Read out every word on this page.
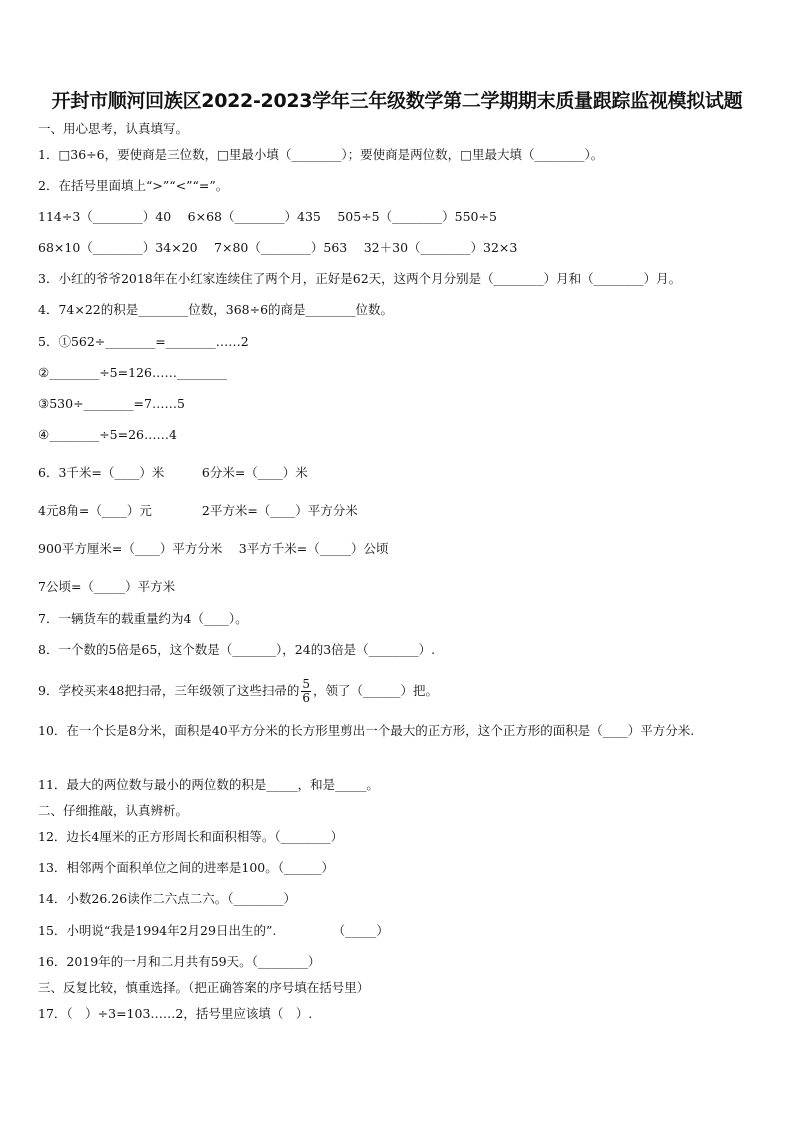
开封市顺河回族区2022-2023学年三年级数学第二学期期末质量跟踪监视模拟试题
一、用心思考，认真填写。
1．□36÷6，要使商是三位数，□里最小填（________）；要使商是两位数，□里最大填（________）。
2．在括号里面填上“>”“<”“=”。
114÷3（________）40　 6×68（________）435　 505÷5（________）550÷5
68×10（________）34×20　 7×80（________）563　 32＋30（________）32×3
3．小红的爷爷2018年在小红家连续住了两个月，正好是62天，这两个月分别是（________）月和（________）月。
4．74×22的积是________位数，368÷6的商是________位数。
5．①562÷________=________……2
②________÷5=126……________
③530÷________=7……5
④________÷5=26……4
6．3千米=（____）米　　　6分米=（____）米
4元8角=（____）元　　　　2平方米=（____）平方分米
900平方厘米=（____）平方分米　 3平方千米=（_____）公顷
7公顷=（_____）平方米
7．一辆货车的载重量约为4（____）。
8．一个数的5倍是65，这个数是（_______），24的3倍是（________）.
10．在一个长是8分米，面积是40平方分米的长方形里剪出一个最大的正方形，这个正方形的面积是（____）平方分米.
11．最大的两位数与最小的两位数的积是_____，和是_____。
二、仔细推敲，认真辨析。
12．边长4厘米的正方形周长和面积相等。（________）
13．相邻两个面积单位之间的进率是100。（______）
14．小数26.26读作二六点二六。（________）
15．小明说“我是1994年2月29日出生的”.　　　　　（_____）
16．2019年的一月和二月共有59天。（________）
三、反复比较，慎重选择。（把正确答案的序号填在括号里）
17．（　）÷3=103……2，括号里应该填（　）.
9．学校买来48把扫帚，三年级领了这些扫帚的 $\frac{5}{6}$ ，领了（______）把。
